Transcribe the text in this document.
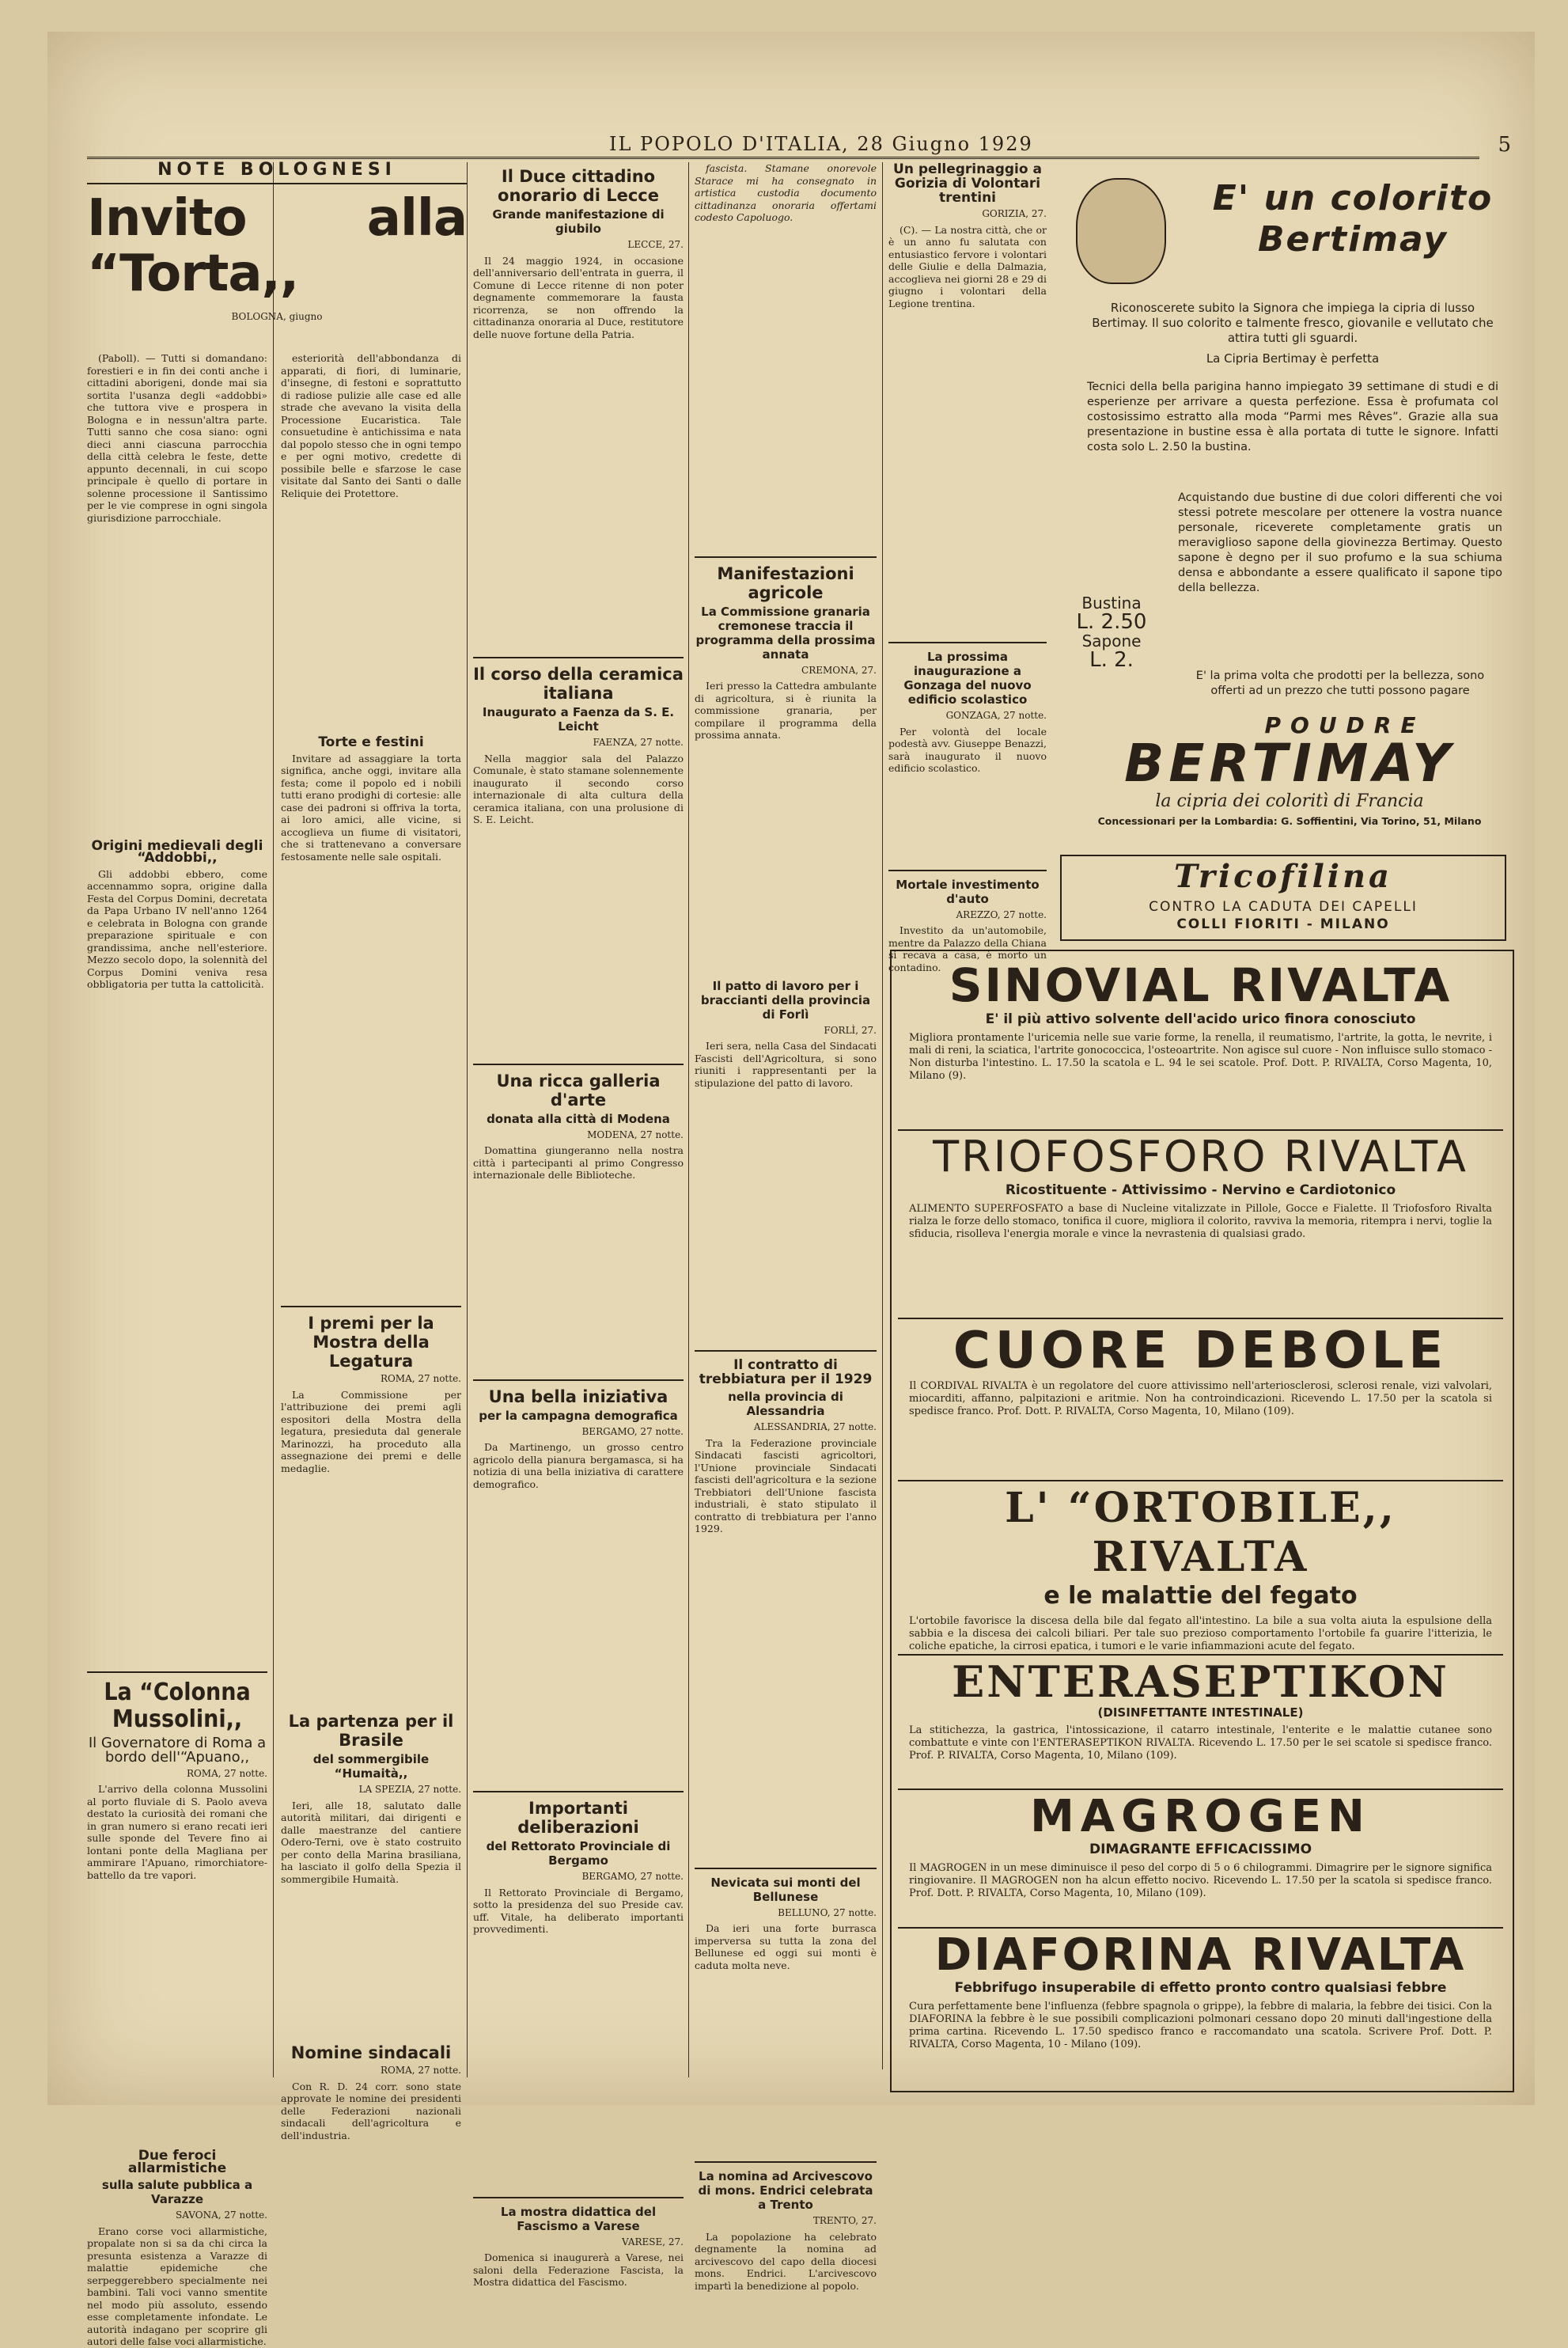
IL POPOLO D'ITALIA, 28 Giugno 1929	5
NOTE BOLOGNESI
Invito alla “Torta,,
BOLOGNA, giugno

(Paboll). — Tutti si domandano: forestieri e in fin dei conti anche i cittadini aborigeni, donde mai sia sortita l'usanza degli «addobbi» che tuttora vive e prospera in Bologna e in nessun'altra parte. Tutti sanno che cosa siano: ogni dieci anni ciascuna parrocchia della città celebra le feste, dette appunto decennali, in cui scopo principale è quello di portare in solenne processione il Santissimo per le vie comprese in ogni singola giurisdizione parrocchiale.

Origini medievali degli “Addobbi,,

Gli addobbi ebbero, come accennammo sopra, origine dalla Festa del Corpus Domini, decretata da Papa Urbano IV nell'anno 1264 e celebrata in Bologna con grande preparazione spirituale e con grandissima, anche nell'esteriore. Mezzo secolo dopo, la solennità del Corpus Domini veniva resa obbligatoria per tutta la cattolicità.

La “Colonna Mussolini,,
Il Governatore di Roma a bordo dell'“Apuano,,
ROMA, 27 notte.

L'arrivo della colonna Mussolini al porto fluviale di S. Paolo aveva destato la curiosità dei romani che in gran numero si erano recati ieri sulle sponde del Tevere fino ai lontani ponte della Magliana per ammirare l'Apuano, rimorchiatore-battello da tre vapori.

Due feroci allarmistiche
sulla salute pubblica a Varazze
SAVONA, 27 notte.

Erano corse voci allarmistiche, propalate non si sa da chi circa la presunta esistenza a Varazze di malattie epidemiche che serpeggerebbero specialmente nei bambini. Tali voci vanno smentite nel modo più assoluto, essendo esse completamente infondate. Le autorità indagano per scoprire gli autori delle false voci allarmistiche.

esteriorità dell'abbondanza di apparati, di fiori, di luminarie, d'insegne, di festoni e soprattutto di radiose pulizie alle case ed alle strade che avevano la visita della Processione Eucaristica. Tale consuetudine è antichissima e nata dal popolo stesso che in ogni tempo e per ogni motivo, credette di possibile belle e sfarzose le case visitate dal Santo dei Santi o dalle Reliquie dei Protettore.

Torte e festini

Invitare ad assaggiare la torta significa, anche oggi, invitare alla festa; come il popolo ed i nobili tutti erano prodighi di cortesie: alle case dei padroni si offriva la torta, ai loro amici, alle vicine, si accoglieva un fiume di visitatori, che si trattenevano a conversare festosamente nelle sale ospitali.

I premi per la Mostra della Legatura
ROMA, 27 notte.

La Commissione per l'attribuzione dei premi agli espositori della Mostra della legatura, presieduta dal generale Marinozzi, ha proceduto alla assegnazione dei premi e delle medaglie.

La partenza per il Brasile
del sommergibile “Humaità,,
LA SPEZIA, 27 notte.

Ieri, alle 18, salutato dalle autorità militari, dai dirigenti e dalle maestranze del cantiere Odero-Terni, ove è stato costruito per conto della Marina brasiliana, ha lasciato il golfo della Spezia il sommergibile Humaità.

Nomine sindacali
ROMA, 27 notte.

Con R. D. 24 corr. sono state approvate le nomine dei presidenti delle Federazioni nazionali sindacali dell'agricoltura e dell'industria.

Il Duce cittadino onorario di Lecce
Grande manifestazione di giubilo
LECCE, 27.

Il 24 maggio 1924, in occasione dell'anniversario dell'entrata in guerra, il Comune di Lecce ritenne di non poter degnamente commemorare la fausta ricorrenza, se non offrendo la cittadinanza onoraria al Duce, restitutore delle nuove fortune della Patria.

Il corso della ceramica italiana
Inaugurato a Faenza da S. E. Leicht
FAENZA, 27 notte.

Nella maggior sala del Palazzo Comunale, è stato stamane solennemente inaugurato il secondo corso internazionale di alta cultura della ceramica italiana, con una prolusione di S. E. Leicht.

Una ricca galleria d'arte
donata alla città di Modena
MODENA, 27 notte.

Domattina giungeranno nella nostra città i partecipanti al primo Congresso internazionale delle Biblioteche.

Una bella iniziativa
per la campagna demografica
BERGAMO, 27 notte.

Da Martinengo, un grosso centro agricolo della pianura bergamasca, si ha notizia di una bella iniziativa di carattere demografico.

Importanti deliberazioni
del Rettorato Provinciale di Bergamo
BERGAMO, 27 notte.

Il Rettorato Provinciale di Bergamo, sotto la presidenza del suo Preside cav. uff. Vitale, ha deliberato importanti provvedimenti.

La mostra didattica del Fascismo a Varese
VARESE, 27.

Domenica si inaugurerà a Varese, nei saloni della Federazione Fascista, la Mostra didattica del Fascismo.

fascista. Stamane onorevole Starace mi ha consegnato in artistica custodia documento cittadinanza onoraria offertami codesto Capoluogo.

Manifestazioni agricole
La Commissione granaria cremonese traccia il programma della prossima annata
CREMONA, 27.

Ieri presso la Cattedra ambulante di agricoltura, si è riunita la commissione granaria, per compilare il programma della prossima annata.

Il patto di lavoro per i braccianti della provincia di Forlì
FORLÌ, 27.

Ieri sera, nella Casa del Sindacati Fascisti dell'Agricoltura, si sono riuniti i rappresentanti per la stipulazione del patto di lavoro.

Il contratto di trebbiatura per il 1929
nella provincia di Alessandria
ALESSANDRIA, 27 notte.

Tra la Federazione provinciale Sindacati fascisti agricoltori, l'Unione provinciale Sindacati fascisti dell'agricoltura e la sezione Trebbiatori dell'Unione fascista industriali, è stato stipulato il contratto di trebbiatura per l'anno 1929.

Nevicata sui monti del Bellunese
BELLUNO, 27 notte.

Da ieri una forte burrasca imperversa su tutta la zona del Bellunese ed oggi sui monti è caduta molta neve.

La nomina ad Arcivescovo di mons. Endrici celebrata a Trento
TRENTO, 27.

La popolazione ha celebrato degnamente la nomina ad arcivescovo del capo della diocesi mons. Endrici. L'arcivescovo impartì la benedizione al popolo.

Un pellegrinaggio a Gorizia di Volontari trentini
GORIZIA, 27.

(C). — La nostra città, che or è un anno fu salutata con entusiastico fervore i volontari delle Giulie e della Dalmazia, accoglieva nei giorni 28 e 29 di giugno i volontari della Legione trentina.

La prossima inaugurazione a Gonzaga del nuovo edificio scolastico
GONZAGA, 27 notte.

Per volontà del locale podestà avv. Giuseppe Benazzi, sarà inaugurato il nuovo edificio scolastico.

Mortale investimento d'auto
AREZZO, 27 notte.

Investito da un'automobile, mentre da Palazzo della Chiana si recava a casa, è morto un contadino.

E' un colorito Bertimay
Riconoscerete subito la Signora che impiega la cipria di lusso Bertimay. Il suo colorito e talmente fresco, giovanile e vellutato che attira tutti gli sguardi.
La Cipria Bertimay è perfetta
Tecnici della bella parigina hanno impiegato 39 settimane di studi e di esperienze per arrivare a questa perfezione. Essa è profumata col costosissimo estratto alla moda “Parmi mes Rêves”. Grazie alla sua presentazione in bustine essa è alla portata di tutte le signore. Infatti costa solo L. 2.50 la bustina.
Acquistando due bustine di due colori differenti che voi stessi potrete mescolare per ottenere la vostra nuance personale, riceverete completamente gratis un meraviglioso sapone della giovinezza Bertimay. Questo sapone è degno per il suo profumo e la sua schiuma densa e abbondante a essere qualificato il sapone tipo della bellezza.
Bustina
L. 2.50
Sapone
L. 2.
E' la prima volta che prodotti per la bellezza, sono offerti ad un prezzo che tutti possono pagare
POUDRE
BERTIMAY
la cipria dei coloritì di Francia
Concessionari per la Lombardia: G. Soffientini, Via Torino, 51, Milano
Tricofilina
CONTRO LA CADUTA DEI CAPELLI
COLLI FIORITI - MILANO
SINOVIAL RIVALTA
E' il più attivo solvente dell'acido urico finora conosciuto
Migliora prontamente l'uricemia nelle sue varie forme, la renella, il reumatismo, l'artrite, la gotta, le nevrite, i mali di reni, la sciatica, l'artrite gonococcica, l'osteoartrite. Non agisce sul cuore - Non influisce sullo stomaco - Non disturba l'intestino. L. 17.50 la scatola e L. 94 le sei scatole. Prof. Dott. P. RIVALTA, Corso Magenta, 10, Milano (9).
TRIOFOSFORO RIVALTA
Ricostituente - Attivissimo - Nervino e Cardiotonico
ALIMENTO SUPERFOSFATO a base di Nucleine vitalizzate in Pillole, Gocce e Fialette. Il Triofosforo Rivalta rialza le forze dello stomaco, tonifica il cuore, migliora il colorito, ravviva la memoria, ritempra i nervi, toglie la sfiducia, risolleva l'energia morale e vince la nevrastenia di qualsiasi grado.
CUORE DEBOLE
Il CORDIVAL RIVALTA è un regolatore del cuore attivissimo nell'arteriosclerosi, sclerosi renale, vizi valvolari, miocarditi, affanno, palpitazioni e aritmie. Non ha controindicazioni. Ricevendo L. 17.50 per la scatola si spedisce franco. Prof. Dott. P. RIVALTA, Corso Magenta, 10, Milano (109).
L' “ORTOBILE,, RIVALTA
e le malattie del fegato
L'ortobile favorisce la discesa della bile dal fegato all'intestino. La bile a sua volta aiuta la espulsione della sabbia e la discesa dei calcoli biliari. Per tale suo prezioso comportamento l'ortobile fa guarire l'itterizia, le coliche epatiche, la cirrosi epatica, i tumori e le varie infiammazioni acute del fegato.
ENTERASEPTIKON
(DISINFETTANTE INTESTINALE)
La stitichezza, la gastrica, l'intossicazione, il catarro intestinale, l'enterite e le malattie cutanee sono combattute e vinte con l'ENTERASEPTIKON RIVALTA. Ricevendo L. 17.50 per le sei scatole si spedisce franco. Prof. P. RIVALTA, Corso Magenta, 10, Milano (109).
MAGROGEN
DIMAGRANTE EFFICACISSIMO
Il MAGROGEN in un mese diminuisce il peso del corpo di 5 o 6 chilogrammi. Dimagrire per le signore significa ringiovanire. Il MAGROGEN non ha alcun effetto nocivo. Ricevendo L. 17.50 per la scatola si spedisce franco. Prof. Dott. P. RIVALTA, Corso Magenta, 10, Milano (109).
DIAFORINA RIVALTA
Febbrifugo insuperabile di effetto pronto contro qualsiasi febbre
Cura perfettamente bene l'influenza (febbre spagnola o grippe), la febbre di malaria, la febbre dei tisici. Con la DIAFORINA la febbre è le sue possibili complicazioni polmonari cessano dopo 20 minuti dall'ingestione della prima cartina. Ricevendo L. 17.50 spedisco franco e raccomandato una scatola. Scrivere Prof. Dott. P. RIVALTA, Corso Magenta, 10 - Milano (109).
